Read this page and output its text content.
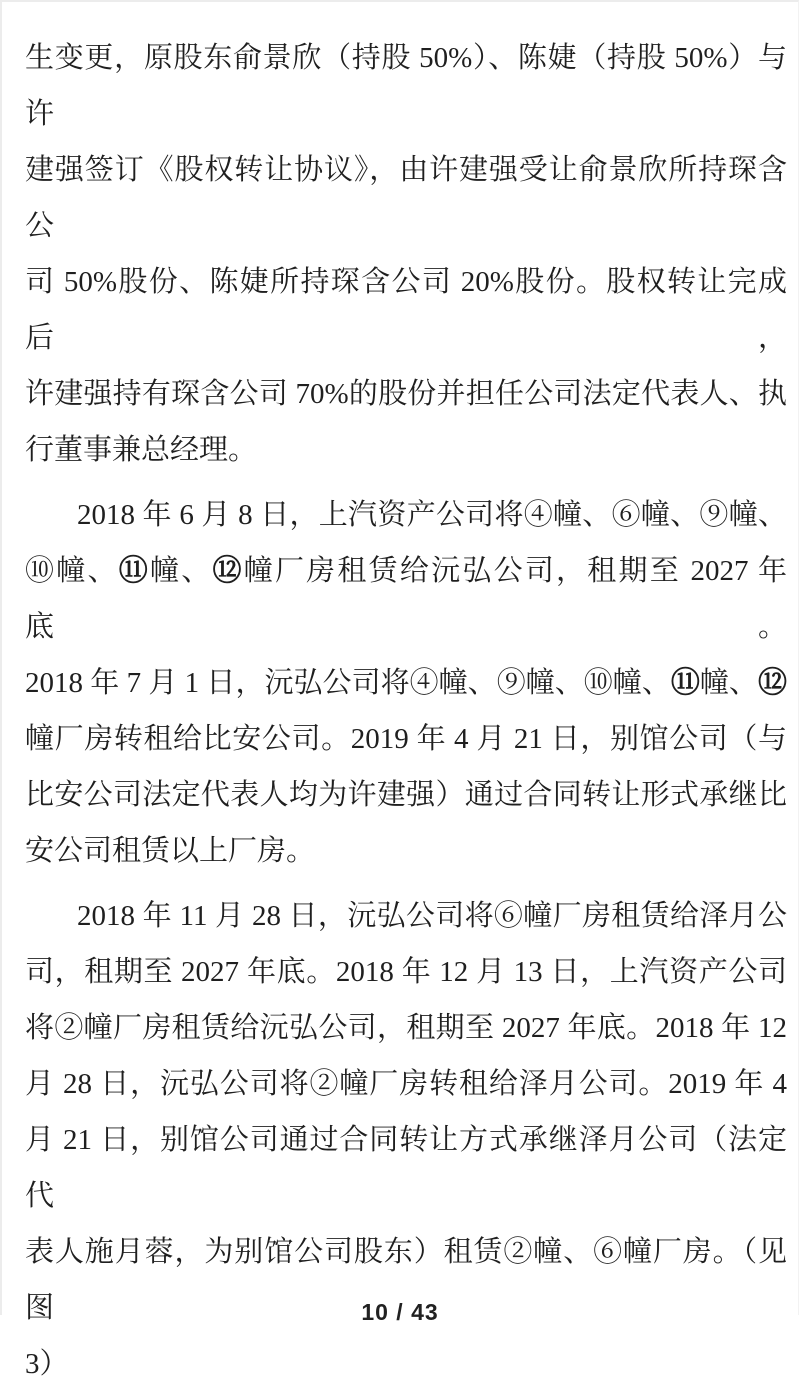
生变更，原股东俞景欣（持股 50%）、陈婕（持股 50%）与许
建强签订《股权转让协议》，由许建强受让俞景欣所持琛含公
司 50%股份、陈婕所持琛含公司 20%股份。股权转让完成后，
许建强持有琛含公司 70%的股份并担任公司法定代表人、执
行董事兼总经理。
2018 年 6 月 8 日，上汽资产公司将④幢、⑥幢、⑨幢、
⑩幢、⑪幢、⑫幢厂房租赁给沅弘公司，租期至 2027 年底。
2018 年 7 月 1 日，沅弘公司将④幢、⑨幢、⑩幢、⑪幢、⑫
幢厂房转租给比安公司。2019 年 4 月 21 日，别馆公司（与
比安公司法定代表人均为许建强）通过合同转让形式承继比
安公司租赁以上厂房。
2018 年 11 月 28 日，沅弘公司将⑥幢厂房租赁给泽月公
司，租期至 2027 年底。2018 年 12 月 13 日，上汽资产公司
将②幢厂房租赁给沅弘公司，租期至 2027 年底。2018 年 12
月 28 日，沅弘公司将②幢厂房转租给泽月公司。2019 年 4
月 21 日，别馆公司通过合同转让方式承继泽月公司（法定代
表人施月蓉，为别馆公司股东）租赁②幢、⑥幢厂房。（见图
3）
10 / 43
